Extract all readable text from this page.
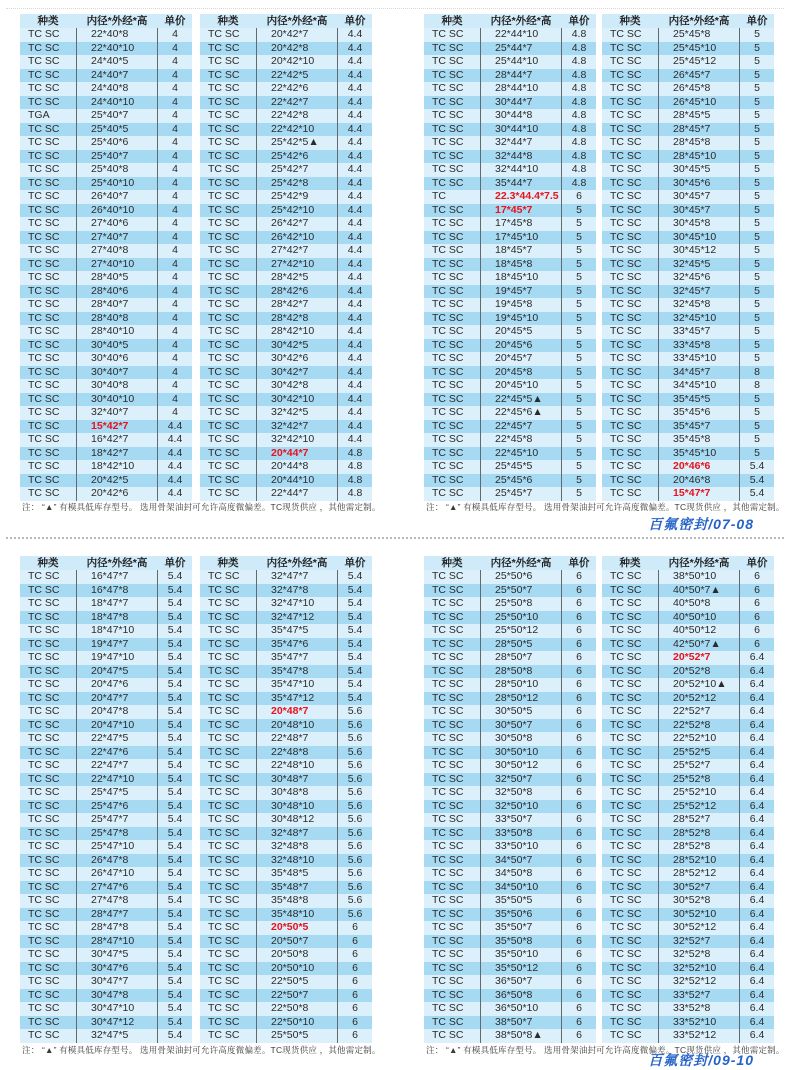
种类	内径*外经*高	单价
TC SC	22*40*8	4
TC SC	22*40*10	4
TC SC	24*40*5	4
TC SC	24*40*7	4
TC SC	24*40*8	4
TC SC	24*40*10	4
TGA	25*40*7	4
TC SC	25*40*5	4
TC SC	25*40*6	4
TC SC	25*40*7	4
TC SC	25*40*8	4
TC SC	25*40*10	4
TC SC	26*40*7	4
TC SC	26*40*10	4
TC SC	27*40*6	4
TC SC	27*40*7	4
TC SC	27*40*8	4
TC SC	27*40*10	4
TC SC	28*40*5	4
TC SC	28*40*6	4
TC SC	28*40*7	4
TC SC	28*40*8	4
TC SC	28*40*10	4
TC SC	30*40*5	4
TC SC	30*40*6	4
TC SC	30*40*7	4
TC SC	30*40*8	4
TC SC	30*40*10	4
TC SC	32*40*7	4
TC SC	15*42*7	4.4
TC SC	16*42*7	4.4
TC SC	18*42*7	4.4
TC SC	18*42*10	4.4
TC SC	20*42*5	4.4
TC SC	20*42*6	4.4
种类	内径*外经*高	单价
TC SC	20*42*7	4.4
TC SC	20*42*8	4.4
TC SC	20*42*10	4.4
TC SC	22*42*5	4.4
TC SC	22*42*6	4.4
TC SC	22*42*7	4.4
TC SC	22*42*8	4.4
TC SC	22*42*10	4.4
TC SC	25*42*5▲	4.4
TC SC	25*42*6	4.4
TC SC	25*42*7	4.4
TC SC	25*42*8	4.4
TC SC	25*42*9	4.4
TC SC	25*42*10	4.4
TC SC	26*42*7	4.4
TC SC	26*42*10	4.4
TC SC	27*42*7	4.4
TC SC	27*42*10	4.4
TC SC	28*42*5	4.4
TC SC	28*42*6	4.4
TC SC	28*42*7	4.4
TC SC	28*42*8	4.4
TC SC	28*42*10	4.4
TC SC	30*42*5	4.4
TC SC	30*42*6	4.4
TC SC	30*42*7	4.4
TC SC	30*42*8	4.4
TC SC	30*42*10	4.4
TC SC	32*42*5	4.4
TC SC	32*42*7	4.4
TC SC	32*42*10	4.4
TC SC	20*44*7	4.8
TC SC	20*44*8	4.8
TC SC	20*44*10	4.8
TC SC	22*44*7	4.8
种类	内径*外经*高	单价
TC SC	22*44*10	4.8
TC SC	25*44*7	4.8
TC SC	25*44*10	4.8
TC SC	28*44*7	4.8
TC SC	28*44*10	4.8
TC SC	30*44*7	4.8
TC SC	30*44*8	4.8
TC SC	30*44*10	4.8
TC SC	32*44*7	4.8
TC SC	32*44*8	4.8
TC SC	32*44*10	4.8
TC SC	35*44*7	4.8
TC	22.3*44.4*7.5	6
TC SC	17*45*7	5
TC SC	17*45*8	5
TC SC	17*45*10	5
TC SC	18*45*7	5
TC SC	18*45*8	5
TC SC	18*45*10	5
TC SC	19*45*7	5
TC SC	19*45*8	5
TC SC	19*45*10	5
TC SC	20*45*5	5
TC SC	20*45*6	5
TC SC	20*45*7	5
TC SC	20*45*8	5
TC SC	20*45*10	5
TC SC	22*45*5▲	5
TC SC	22*45*6▲	5
TC SC	22*45*7	5
TC SC	22*45*8	5
TC SC	22*45*10	5
TC SC	25*45*5	5
TC SC	25*45*6	5
TC SC	25*45*7	5
种类	内径*外经*高	单价
TC SC	25*45*8	5
TC SC	25*45*10	5
TC SC	25*45*12	5
TC SC	26*45*7	5
TC SC	26*45*8	5
TC SC	26*45*10	5
TC SC	28*45*5	5
TC SC	28*45*7	5
TC SC	28*45*8	5
TC SC	28*45*10	5
TC SC	30*45*5	5
TC SC	30*45*6	5
TC SC	30*45*7	5
TC SC	30*45*7	5
TC SC	30*45*8	5
TC SC	30*45*10	5
TC SC	30*45*12	5
TC SC	32*45*5	5
TC SC	32*45*6	5
TC SC	32*45*7	5
TC SC	32*45*8	5
TC SC	32*45*10	5
TC SC	33*45*7	5
TC SC	33*45*8	5
TC SC	33*45*10	5
TC SC	34*45*7	8
TC SC	34*45*10	8
TC SC	35*45*5	5
TC SC	35*45*6	5
TC SC	35*45*7	5
TC SC	35*45*8	5
TC SC	35*45*10	5
TC SC	20*46*6	5.4
TC SC	20*46*8	5.4
TC SC	15*47*7	5.4
注： “▲” 有模具低库存型号。 选用骨架油封可允许高度微偏差。TC现货供应 ，其他需定制。	注： “▲” 有模具低库存型号。 选用骨架油封可允许高度微偏差。TC现货供应 ，其他需定制。
百氟密封/07-08
种类	内径*外经*高	单价
TC SC	16*47*7	5.4
TC SC	16*47*8	5.4
TC SC	18*47*7	5.4
TC SC	18*47*8	5.4
TC SC	18*47*10	5.4
TC SC	19*47*7	5.4
TC SC	19*47*10	5.4
TC SC	20*47*5	5.4
TC SC	20*47*6	5.4
TC SC	20*47*7	5.4
TC SC	20*47*8	5.4
TC SC	20*47*10	5.4
TC SC	22*47*5	5.4
TC SC	22*47*6	5.4
TC SC	22*47*7	5.4
TC SC	22*47*10	5.4
TC SC	25*47*5	5.4
TC SC	25*47*6	5.4
TC SC	25*47*7	5.4
TC SC	25*47*8	5.4
TC SC	25*47*10	5.4
TC SC	26*47*8	5.4
TC SC	26*47*10	5.4
TC SC	27*47*6	5.4
TC SC	27*47*8	5.4
TC SC	28*47*7	5.4
TC SC	28*47*8	5.4
TC SC	28*47*10	5.4
TC SC	30*47*5	5.4
TC SC	30*47*6	5.4
TC SC	30*47*7	5.4
TC SC	30*47*8	5.4
TC SC	30*47*10	5.4
TC SC	30*47*12	5.4
TC SC	32*47*5	5.4
种类	内径*外经*高	单价
TC SC	32*47*7	5.4
TC SC	32*47*8	5.4
TC SC	32*47*10	5.4
TC SC	32*47*12	5.4
TC SC	35*47*5	5.4
TC SC	35*47*6	5.4
TC SC	35*47*7	5.4
TC SC	35*47*8	5.4
TC SC	35*47*10	5.4
TC SC	35*47*12	5.4
TC SC	20*48*7	5.6
TC SC	20*48*10	5.6
TC SC	22*48*7	5.6
TC SC	22*48*8	5.6
TC SC	22*48*10	5.6
TC SC	30*48*7	5.6
TC SC	30*48*8	5.6
TC SC	30*48*10	5.6
TC SC	30*48*12	5.6
TC SC	32*48*7	5.6
TC SC	32*48*8	5.6
TC SC	32*48*10	5.6
TC SC	35*48*5	5.6
TC SC	35*48*7	5.6
TC SC	35*48*8	5.6
TC SC	35*48*10	5.6
TC SC	20*50*5	6
TC SC	20*50*7	6
TC SC	20*50*8	6
TC SC	20*50*10	6
TC SC	22*50*5	6
TC SC	22*50*7	6
TC SC	22*50*8	6
TC SC	22*50*10	6
TC SC	25*50*5	6
种类	内径*外经*高	单价
TC SC	25*50*6	6
TC SC	25*50*7	6
TC SC	25*50*8	6
TC SC	25*50*10	6
TC SC	25*50*12	6
TC SC	28*50*5	6
TC SC	28*50*7	6
TC SC	28*50*8	6
TC SC	28*50*10	6
TC SC	28*50*12	6
TC SC	30*50*5	6
TC SC	30*50*7	6
TC SC	30*50*8	6
TC SC	30*50*10	6
TC SC	30*50*12	6
TC SC	32*50*7	6
TC SC	32*50*8	6
TC SC	32*50*10	6
TC SC	33*50*7	6
TC SC	33*50*8	6
TC SC	33*50*10	6
TC SC	34*50*7	6
TC SC	34*50*8	6
TC SC	34*50*10	6
TC SC	35*50*5	6
TC SC	35*50*6	6
TC SC	35*50*7	6
TC SC	35*50*8	6
TC SC	35*50*10	6
TC SC	35*50*12	6
TC SC	36*50*7	6
TC SC	36*50*8	6
TC SC	36*50*10	6
TC SC	38*50*7	6
TC SC	38*50*8▲	6
种类	内径*外经*高	单价
TC SC	38*50*10	6
TC SC	40*50*7▲	6
TC SC	40*50*8	6
TC SC	40*50*10	6
TC SC	40*50*12	6
TC SC	42*50*7▲	6
TC SC	20*52*7	6.4
TC SC	20*52*8	6.4
TC SC	20*52*10▲	6.4
TC SC	20*52*12	6.4
TC SC	22*52*7	6.4
TC SC	22*52*8	6.4
TC SC	22*52*10	6.4
TC SC	25*52*5	6.4
TC SC	25*52*7	6.4
TC SC	25*52*8	6.4
TC SC	25*52*10	6.4
TC SC	25*52*12	6.4
TC SC	28*52*7	6.4
TC SC	28*52*8	6.4
TC SC	28*52*8	6.4
TC SC	28*52*10	6.4
TC SC	28*52*12	6.4
TC SC	30*52*7	6.4
TC SC	30*52*8	6.4
TC SC	30*52*10	6.4
TC SC	30*52*12	6.4
TC SC	32*52*7	6.4
TC SC	32*52*8	6.4
TC SC	32*52*10	6.4
TC SC	32*52*12	6.4
TC SC	33*52*7	6.4
TC SC	33*52*8	6.4
TC SC	33*52*10	6.4
TC SC	33*52*12	6.4
注： “▲” 有模具低库存型号。 选用骨架油封可允许高度微偏差。TC现货供应 ，其他需定制。	注： “▲” 有模具低库存型号。 选用骨架油封可允许高度微偏差。TC现货供应 ，其他需定制。
百氟密封/09-10
